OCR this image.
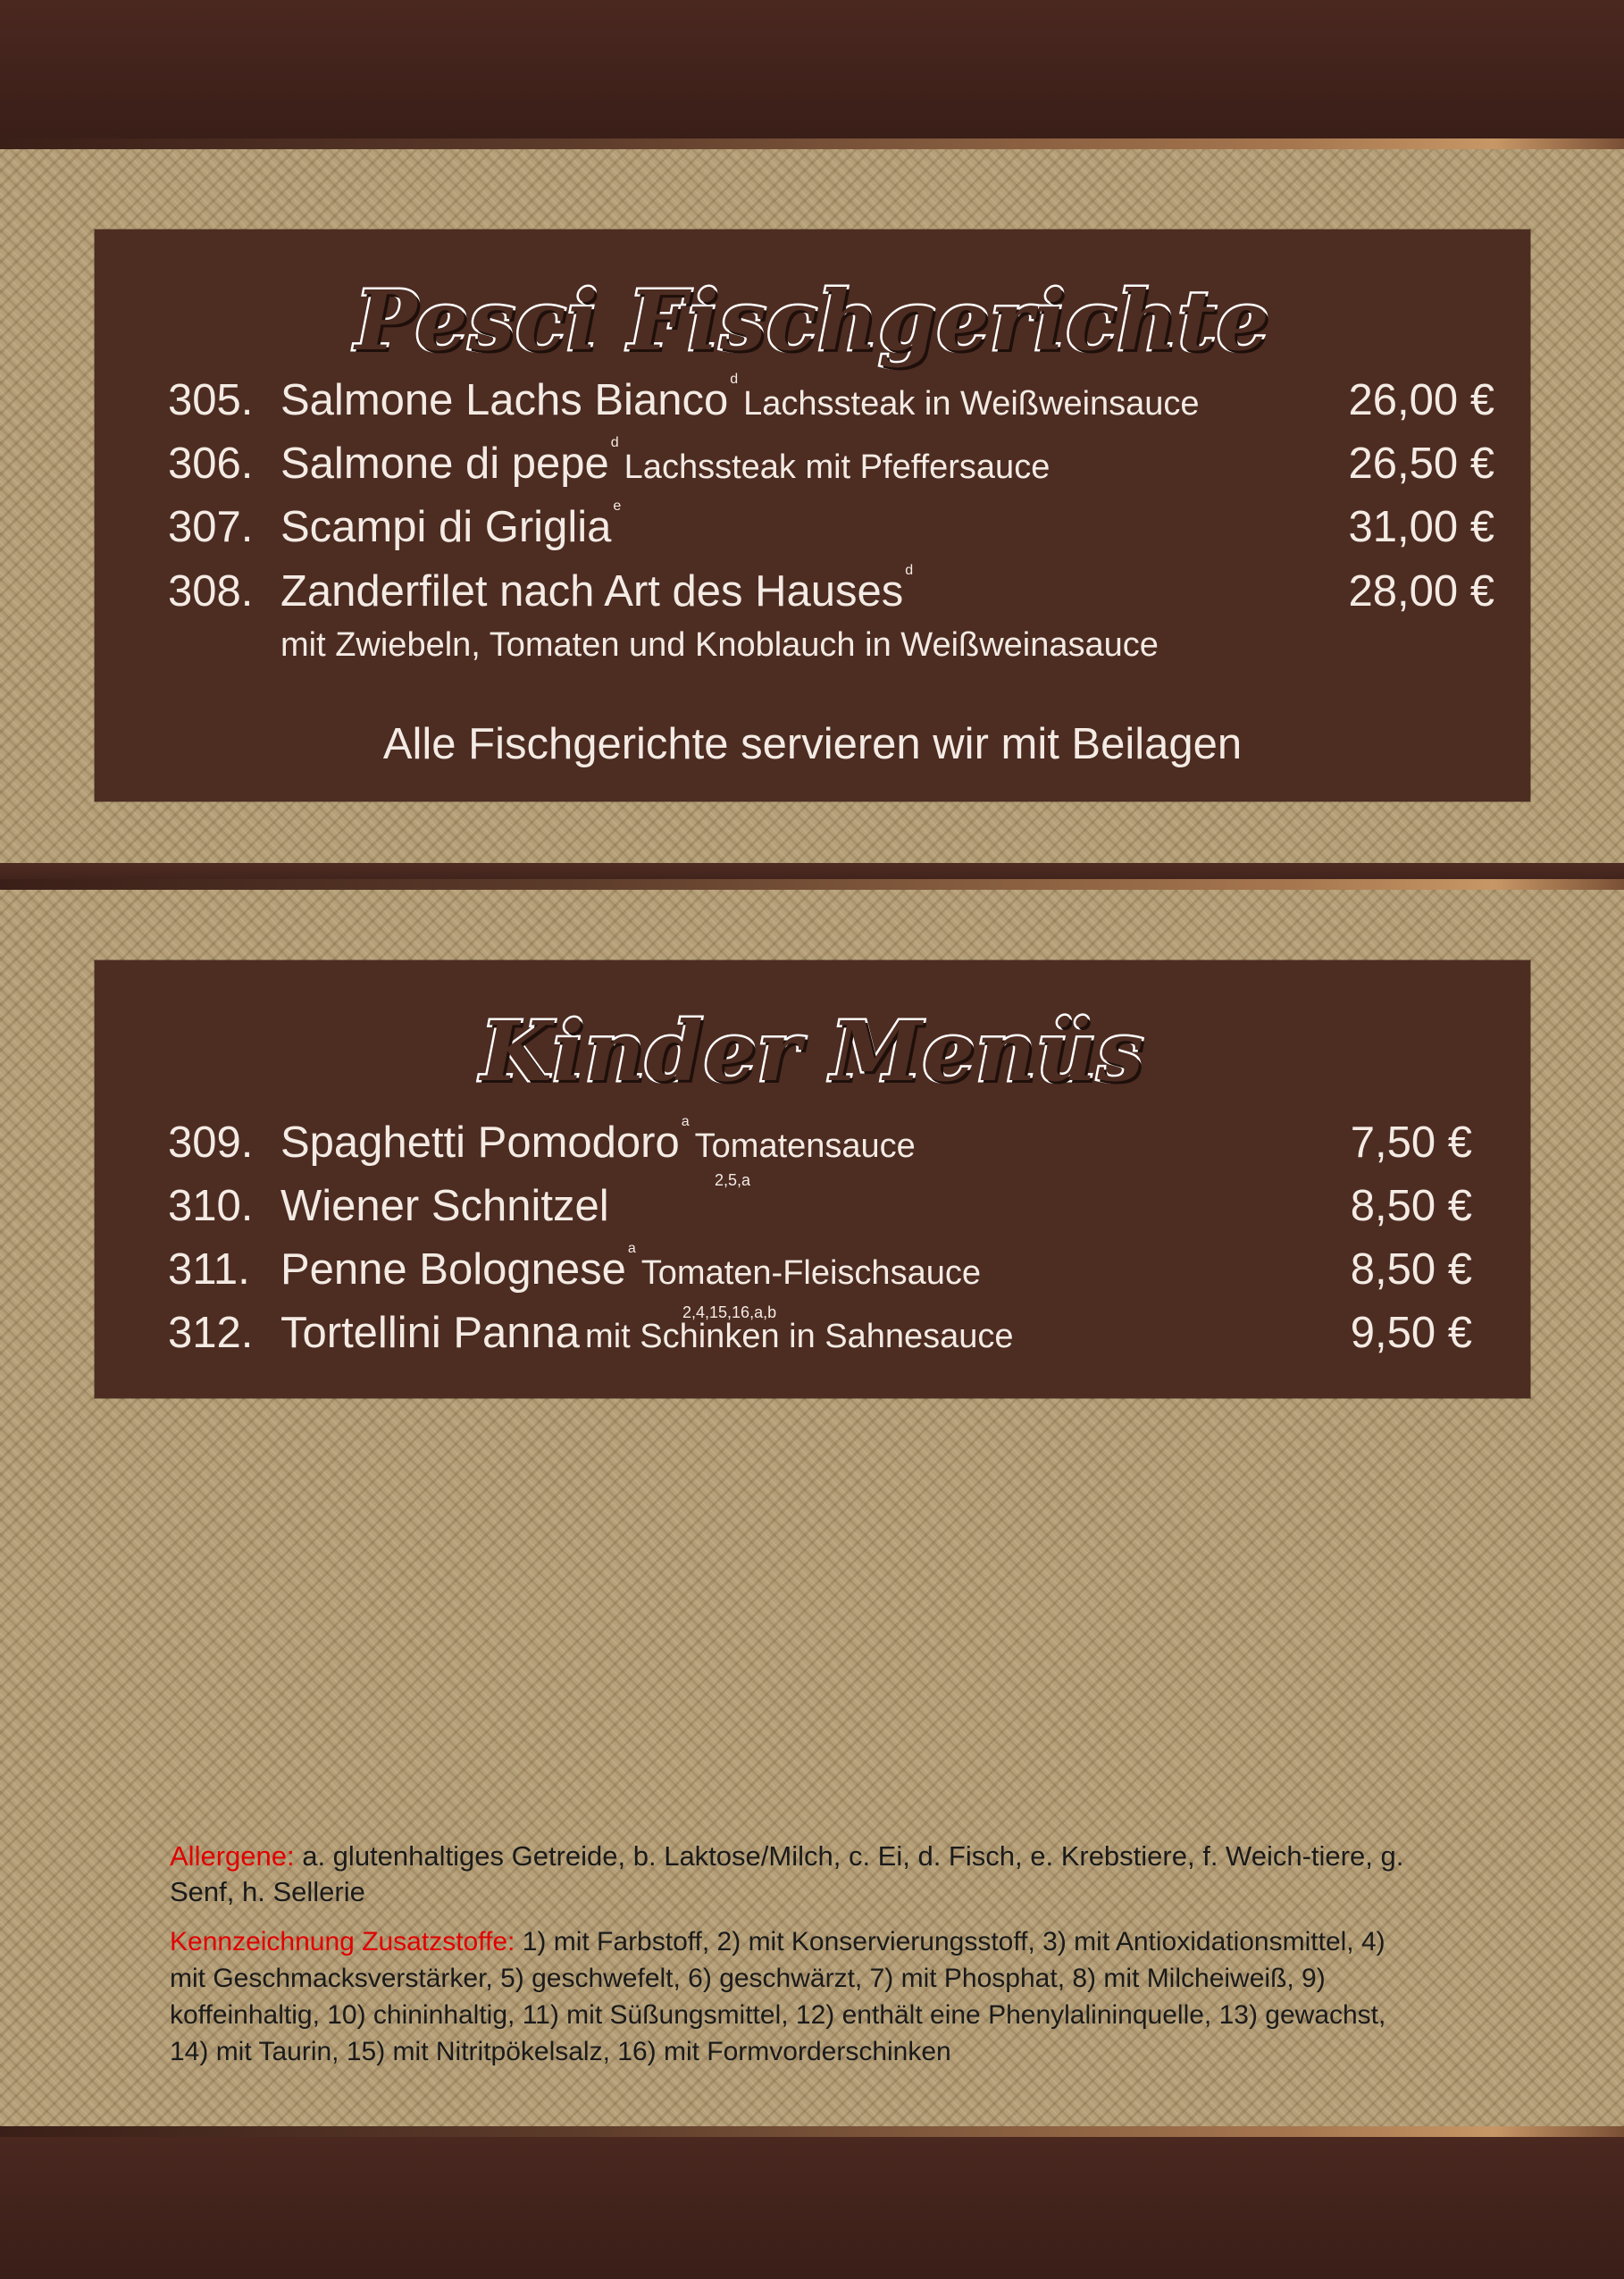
Pesci Fischgerichte
305. Salmone Lachs Bianco $^d$Lachssteak in Weißweinsauce	26,00 €
306. Salmone di pepe $^d$Lachssteak mit Pfeffersauce	26,50 €
307. Scampi di Griglia $^e$	31,00 €
308. Zanderfilet nach Art des Hauses $^d$	28,00 €
mit Zwiebeln, Tomaten und Knoblauch in Weißweinasauce
Alle Fischgerichte servieren wir mit Beilagen
Kinder Menüs
309. Spaghetti Pomodoro $^a$Tomatensauce	7,50 €
2,5,a
310. Wiener Schnitzel	8,50 €
311. Penne Bolognese $^a$Tomaten-Fleischsauce	8,50 €
2,4,15,16,a,b
312. Tortellini Panna mit Schinken in Sahnesauce	9,50 €

Allergene: a. glutenhaltiges Getreide, b. Laktose/Milch, c. Ei, d. Fisch, e. Krebstiere, f. Weich-tiere, g. Senf, h. Sellerie

Kennzeichnung Zusatzstoffe: 1) mit Farbstoff, 2) mit Konservierungsstoff, 3) mit Antioxidationsmittel, 4) mit Geschmacksverstärker, 5) geschwefelt, 6) geschwärzt, 7) mit Phosphat, 8) mit Milcheiweiß, 9) koffeinhaltig, 10) chininhaltig, 11) mit Süßungsmittel, 12) enthält eine Phenylalininquelle, 13) gewachst, 14) mit Taurin, 15) mit Nitritpökelsalz, 16) mit Formvorderschinken
